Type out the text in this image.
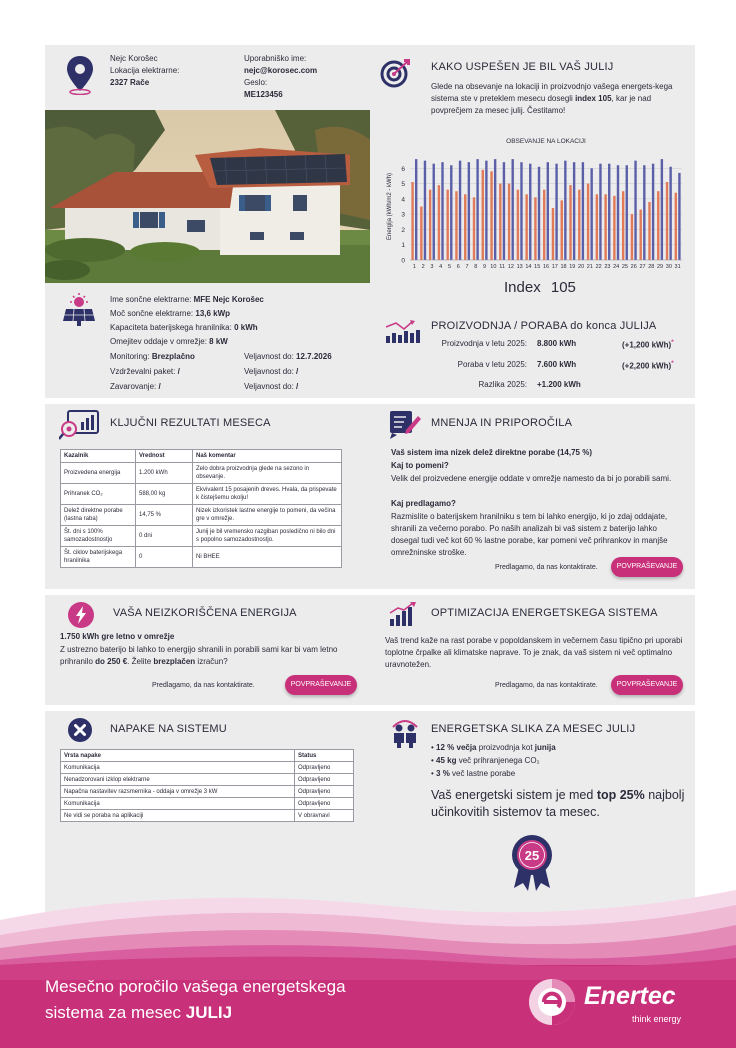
Nejc Korošec
Lokacija elektrarne:
2327 Rače
Uporabniško ime:
nejc@korosec.com
Geslo:
ME123456
Ime sončne elektrarne: MFE Nejc Korošec
Moč sončne elektrarne: 13,6 kWp
Kapaciteta baterijskega hranilnika: 0 kWh
Omejitev oddaje v omrežje: 8 kW
Monitoring: Brezplačno	Veljavnost do: 12.7.2026
Vzdrževalni paket: /	Veljavnost do: /
Zavarovanje: /	Veljavnost do: /
KAKO USPEŠEN JE BIL VAŠ JULIJ
Glede na obsevanje na lokaciji in proizvodnjo vašega energets-kega sistema ste v preteklem mesecu dosegli index 105, kar je nad povprečjem za mesec julij. Čestitamo!
OBSEVANJE NA LOKACIJI
0
1
2
3
4
5
6
Energija (kWh/m2 - kWh)
1 2 3 4 5 6 7 8 9 10 11 12 13 14 15 16 17 18 19 20 21 22 23 24 25 26 27 28 29 30 31
Index 105
PROIZVODNJA / PORABA do konca JULIJA
Proizvodnja v letu 2025: 8.800 kWh	(+1,200 kWh)*
Poraba v letu 2025: 7.600 kWh	(+2,200 kWh)*
Razlika 2025: +1.200 kWh
KLJUČNI REZULTATI MESECA
Kazalnik	Vrednost	Naš komentar
Proizvedena energija	1.200 kWh	Zelo dobra proizvodnja glede na sezono in obsevanje.
Prihranek CO₂	588,00 kg	Ekvivalent 15 posajenih dreves. Hvala, da prispevate k čistejšemu okolju!
Delež direktne porabe (lastna raba)	14,75 %	Nizek izkoristek lastne energije to pomeni, da večina gre v omrežje.
Št. dni s 100% samozadostnostjo	0 dni	Junij je bil vremensko razgiban posledično ni bilo dni s popolno samozadostnostjo.
Št. ciklov baterijskega hranilnika	0	Ni BHEE
MNENJA IN PRIPOROČILA
Vaš sistem ima nizek delež direktne porabe (14,75 %)
Kaj to pomeni?
Velik del proizvedene energije oddate v omrežje namesto da bi jo porabili sami.
Kaj predlagamo?
Razmislite o baterijskem hranilniku s tem bi lahko energijo, ki jo zdaj oddajate, shranili za večerno porabo. Po naših analizah bi vaš sistem z baterijo lahko dosegal tudi več kot 60 % lastne porabe, kar pomeni več prihrankov in manjše omrežninske stroške.
Predlagamo, da nas kontaktirate.	POVPRAŠEVANJE
VAŠA NEIZKORIŠČENA ENERGIJA
1.750 kWh gre letno v omrežje
Z ustrezno baterijo bi lahko to energijo shranili in porabili sami kar bi vam letno prihranilo do 250 €. Želite brezplačen izračun?
Predlagamo, da nas kontaktirate.	POVPRAŠEVANJE
OPTIMIZACIJA ENERGETSKEGA SISTEMA
Vaš trend kaže na rast porabe v popoldanskem in večernem času tipično pri uporabi toplotne črpalke ali klimatske naprave. To je znak, da vaš sistem ni več optimalno uravnotežen.
Predlagamo, da nas kontaktirate.	POVPRAŠEVANJE
NAPAKE NA SISTEMU
Vrsta napake	Status
Komunikacija	Odpravljeno
Nenadzorovani izklop elektrarne	Odpravljeno
Napačna nastavitev razsmernika - oddaja v omrežje 3 kW	Odpravljeno
Komunikacija	Odpravljeno
Ne vidi se poraba na aplikaciji	V obravnavi
ENERGETSKA SLIKA ZA MESEC JULIJ
• 12 % večja proizvodnja kot junija
• 45 kg več prihranjenega CO₂
• 3 % več lastne porabe
Vaš energetski sistem je med top 25% najbolj učinkovitih sistemov ta mesec.
25
Mesečno poročilo vašega energetskega
sistema za mesec JULIJ
Enertec
think energy
